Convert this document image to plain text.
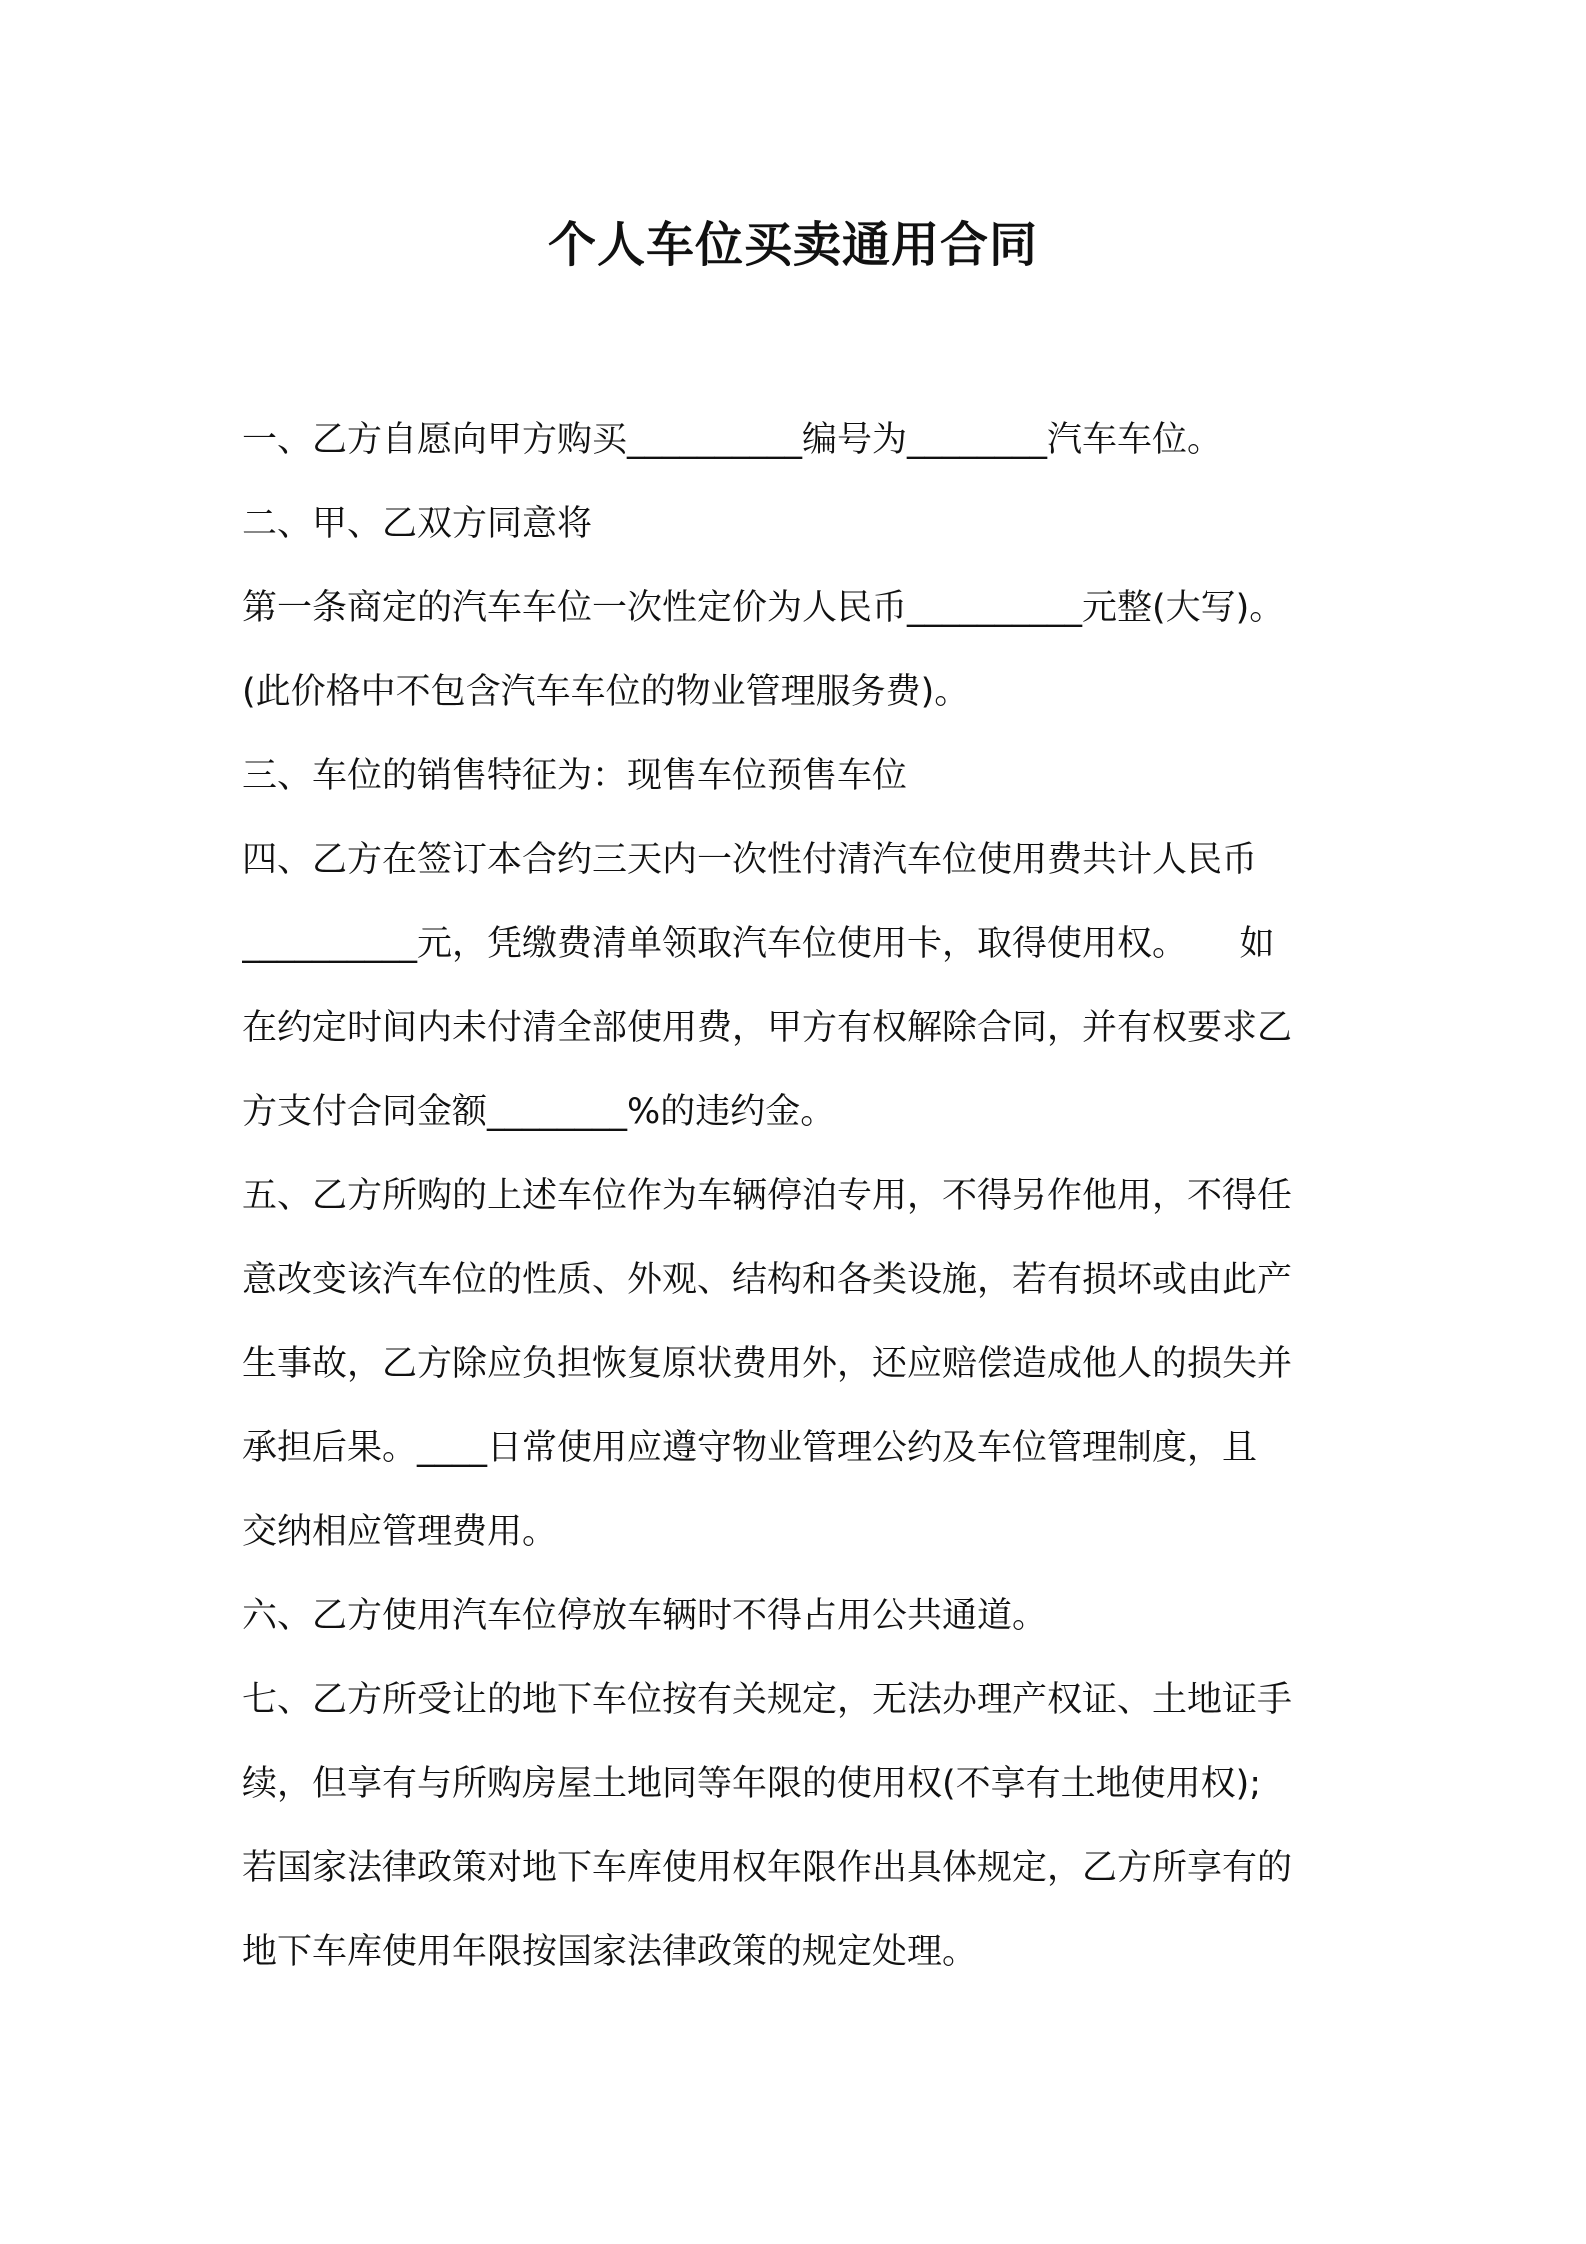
个人车位买卖通用合同
一、乙方自愿向甲方购买__________编号为________汽车车位。
二、甲、乙双方同意将
第一条商定的汽车车位一次性定价为人民币__________元整(大写)。
(此价格中不包含汽车车位的物业管理服务费)。
三、车位的销售特征为：现售车位预售车位
四、乙方在签订本合约三天内一次性付清汽车位使用费共计人民币
__________元，凭缴费清单领取汽车位使用卡，取得使用权。　　如
在约定时间内未付清全部使用费，甲方有权解除合同，并有权要求乙
方支付合同金额________%的违约金。
五、乙方所购的上述车位作为车辆停泊专用，不得另作他用，不得任
意改变该汽车位的性质、外观、结构和各类设施，若有损坏或由此产
生事故，乙方除应负担恢复原状费用外，还应赔偿造成他人的损失并
承担后果。____日常使用应遵守物业管理公约及车位管理制度，且
交纳相应管理费用。
六、乙方使用汽车位停放车辆时不得占用公共通道。
七、乙方所受让的地下车位按有关规定，无法办理产权证、土地证手
续，但享有与所购房屋土地同等年限的使用权(不享有土地使用权);
若国家法律政策对地下车库使用权年限作出具体规定，乙方所享有的
地下车库使用年限按国家法律政策的规定处理。
